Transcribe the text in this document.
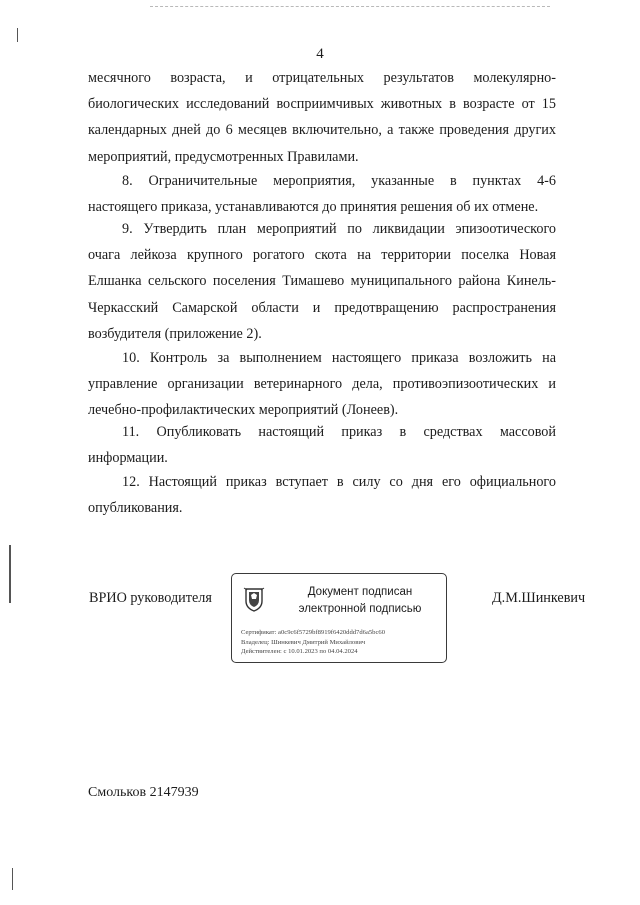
4

месячного возраста, и отрицательных результатов молекулярно-
биологических исследований восприимчивых животных в возрасте от 15
календарных дней до 6 месяцев включительно, а также проведения других
мероприятий, предусмотренных Правилами.

8. Ограничительные мероприятия, указанные в пунктах 4-6
настоящего приказа, устанавливаются до принятия решения об их отмене.

9. Утвердить план мероприятий по ликвидации эпизоотического
очага лейкоза крупного рогатого скота на территории поселка Новая
Елшанка сельского поселения Тимашево муниципального района Кинель-
Черкасский Самарской области и предотвращению распространения
возбудителя (приложение 2).

10. Контроль за выполнением настоящего приказа возложить на
управление организации ветеринарного дела, противоэпизоотических и
лечебно-профилактических мероприятий (Лонеев).

11. Опубликовать настоящий приказ в средствах массовой
информации.

12. Настоящий приказ вступает в силу со дня его официального
опубликования.

ВРИО руководителя	Документ подписан
электронной подписью
Сертификат: a0c9c6f5729bf8919f6420ddd7d6a5bc60
Владелец: Шинкевич Дмитрий Михайлович
Действителен: с 10.01.2023 по 04.04.2024
Д.М.Шинкевич
Смольков 2147939
